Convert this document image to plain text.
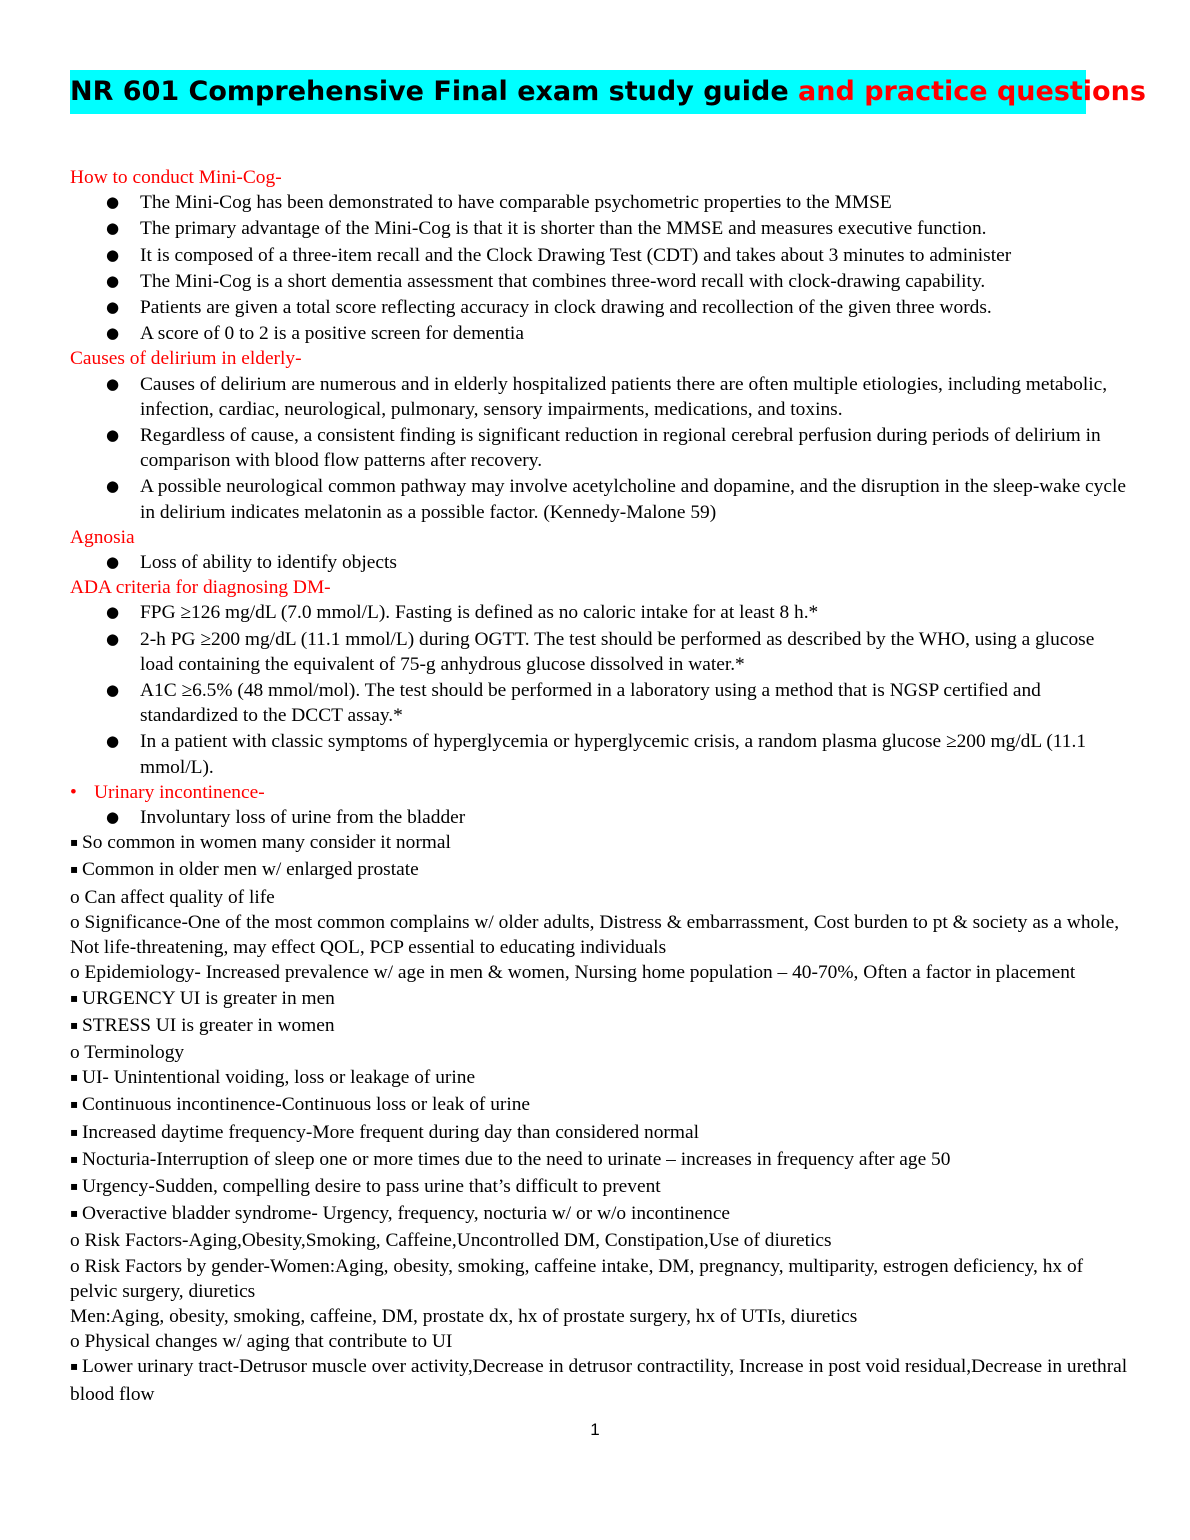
NR 601 Comprehensive Final exam study guide and practice questions

How to conduct Mini-Cog-

● The Mini-Cog has been demonstrated to have comparable psychometric properties to the MMSE
● The primary advantage of the Mini-Cog is that it is shorter than the MMSE and measures executive function.
● It is composed of a three-item recall and the Clock Drawing Test (CDT) and takes about 3 minutes to administer
● The Mini-Cog is a short dementia assessment that combines three-word recall with clock-drawing capability.
● Patients are given a total score reflecting accuracy in clock drawing and recollection of the given three words.
● A score of 0 to 2 is a positive screen for dementia

Causes of delirium in elderly-

● Causes of delirium are numerous and in elderly hospitalized patients there are often multiple etiologies, including metabolic, infection, cardiac, neurological, pulmonary, sensory impairments, medications, and toxins.
● Regardless of cause, a consistent finding is significant reduction in regional cerebral perfusion during periods of delirium in comparison with blood flow patterns after recovery.
● A possible neurological common pathway may involve acetylcholine and dopamine, and the disruption in the sleep-wake cycle in delirium indicates melatonin as a possible factor. (Kennedy-Malone 59)

Agnosia

● Loss of ability to identify objects

ADA criteria for diagnosing DM-

● FPG ≥126 mg/dL (7.0 mmol/L). Fasting is defined as no caloric intake for at least 8 h.*
● 2-h PG ≥200 mg/dL (11.1 mmol/L) during OGTT. The test should be performed as described by the WHO, using a glucose load containing the equivalent of 75-g anhydrous glucose dissolved in water.*
● A1C ≥6.5% (48 mmol/mol). The test should be performed in a laboratory using a method that is NGSP certified and standardized to the DCCT assay.*
● In a patient with classic symptoms of hyperglycemia or hyperglycemic crisis, a random plasma glucose ≥200 mg/dL (11.1 mmol/L).

• Urinary incontinence-

● Involuntary loss of urine from the bladder

▪ So common in women many consider it normal

▪ Common in older men w/ enlarged prostate

o Can affect quality of life

o Significance-One of the most common complains w/ older adults, Distress & embarrassment, Cost burden to pt & society as a whole, Not life-threatening, may effect QOL, PCP essential to educating individuals

o Epidemiology- Increased prevalence w/ age in men & women, Nursing home population – 40-70%, Often a factor in placement

▪ URGENCY UI is greater in men

▪ STRESS UI is greater in women

o Terminology

▪ UI- Unintentional voiding, loss or leakage of urine

▪ Continuous incontinence-Continuous loss or leak of urine

▪ Increased daytime frequency-More frequent during day than considered normal

▪ Nocturia-Interruption of sleep one or more times due to the need to urinate – increases in frequency after age 50

▪ Urgency-Sudden, compelling desire to pass urine that’s difficult to prevent

▪ Overactive bladder syndrome- Urgency, frequency, nocturia w/ or w/o incontinence

o Risk Factors-Aging,Obesity,Smoking, Caffeine,Uncontrolled DM, Constipation,Use of diuretics

o Risk Factors by gender-Women:Aging, obesity, smoking, caffeine intake, DM, pregnancy, multiparity, estrogen deficiency, hx of pelvic surgery, diuretics

Men:Aging, obesity, smoking, caffeine, DM, prostate dx, hx of prostate surgery, hx of UTIs, diuretics

o Physical changes w/ aging that contribute to UI

▪ Lower urinary tract-Detrusor muscle over activity,Decrease in detrusor contractility, Increase in post void residual,Decrease in urethral blood flow

1
